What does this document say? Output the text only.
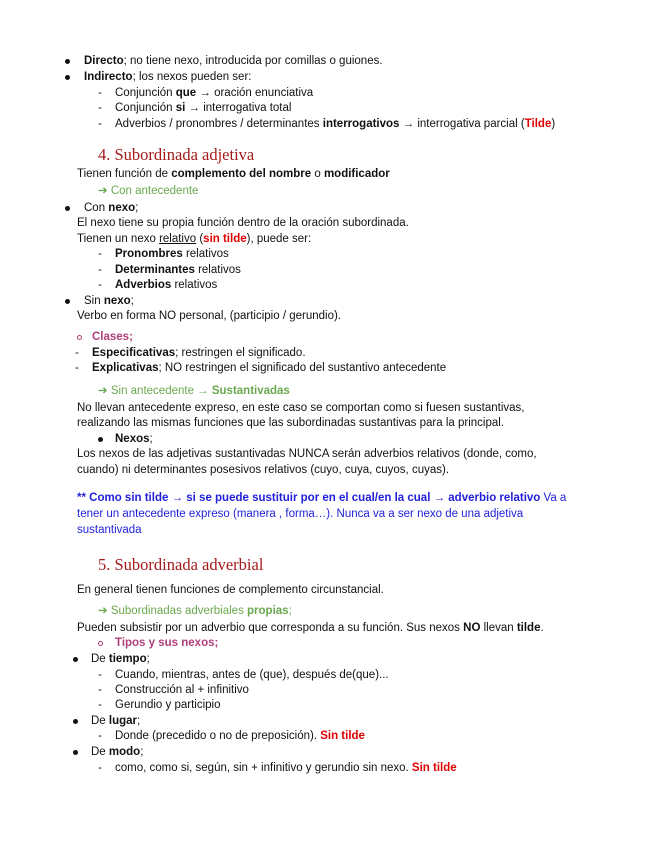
Directo; no tiene nexo, introducida por comillas o guiones.
Indirecto; los nexos pueden ser:
- Conjunción que → oración enunciativa
- Conjunción si → interrogativa total
- Adverbios / pronombres / determinantes interrogativos → interrogativa parcial (Tilde)
4. Subordinada adjetiva
Tienen función de complemento del nombre o modificador
➔ Con antecedente
Con nexo;
El nexo tiene su propia función dentro de la oración subordinada.
Tienen un nexo relativo (sin tilde), puede ser:
- Pronombres relativos
- Determinantes relativos
- Adverbios relativos
Sin nexo;
Verbo en forma NO personal, (participio / gerundio).
Clases;
- Especificativas; restringen el significado.
- Explicativas; NO restringen el significado del sustantivo antecedente
➔ Sin antecedente → Sustantivadas
No llevan antecedente expreso, en este caso se comportan como si fuesen sustantivas,
realizando las mismas funciones que las subordinadas sustantivas para la principal.
Nexos;
Los nexos de las adjetivas sustantivadas NUNCA serán adverbios relativos (donde, como,
cuando) ni determinantes posesivos relativos (cuyo, cuya, cuyos, cuyas).
** Como sin tilde → si se puede sustituir por en el cual/en la cual → adverbio relativo Va a
tener un antecedente expreso (manera , forma…). Nunca va a ser nexo de una adjetiva
sustantivada
5. Subordinada adverbial
En general tienen funciones de complemento circunstancial.
➔ Subordinadas adverbiales propias;
Pueden subsistir por un adverbio que corresponda a su función. Sus nexos NO llevan tilde.
Tipos y sus nexos;
De tiempo;
- Cuando, mientras, antes de (que), después de(que)...
- Construcción al + infinitivo
- Gerundio y participio
De lugar;
- Donde (precedido o no de preposición). Sin tilde
De modo;
- como, como si, según, sin + infinitivo y gerundio sin nexo. Sin tilde
